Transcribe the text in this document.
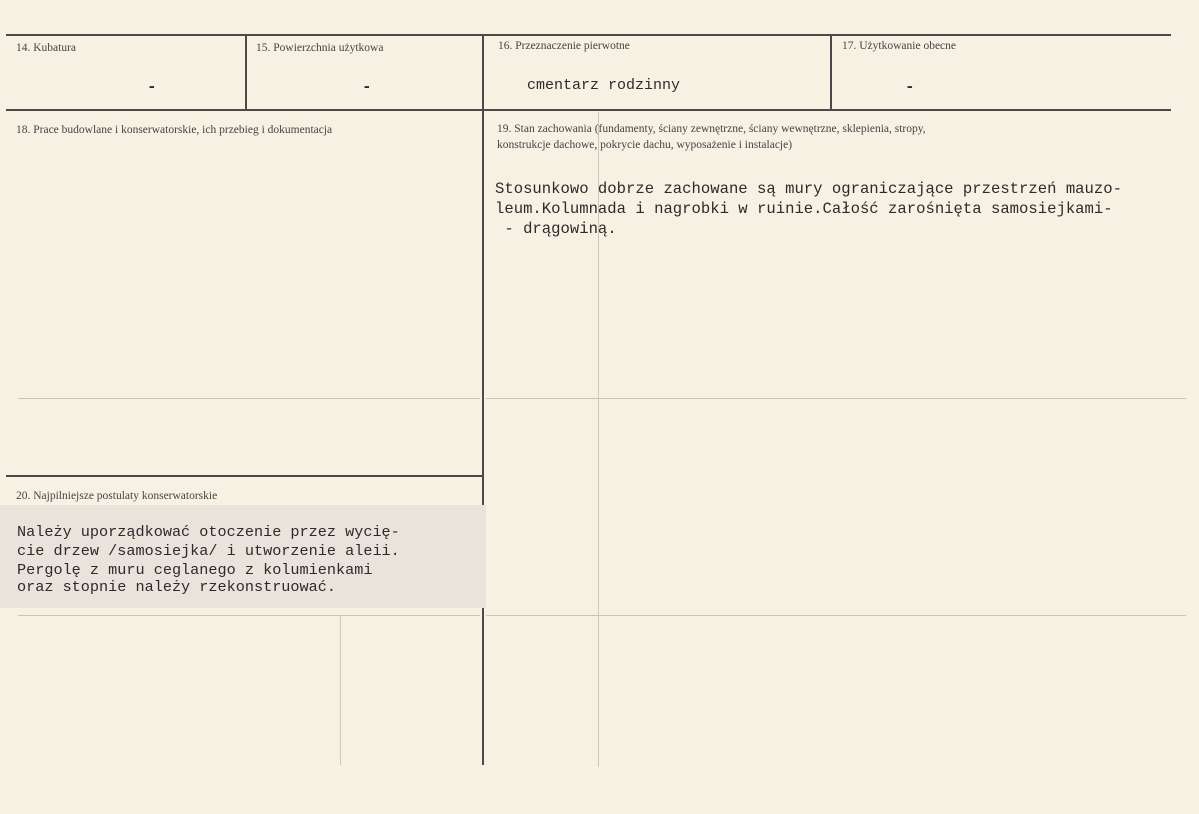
14. Kubatura
-
15. Powierzchnia użytkowa
-
16. Przeznaczenie pierwotne
cmentarz rodzinny
17. Użytkowanie obecne
-
18. Prace budowlane i konserwatorskie, ich przebieg i dokumentacja	19. Stan zachowania (fundamenty, ściany zewnętrzne, ściany wewnętrzne, sklepienia, stropy,
konstrukcje dachowe, pokrycie dachu, wyposażenie i instalacje)
Stosunkowo dobrze zachowane są mury ograniczające przestrzeń mauzo-
leum.Kolumnada i nagrobki w ruinie.Całość zarośnięta samosiejkami-
- drągowiną.
20. Najpilniejsze postulaty konserwatorskie
Należy uporządkować otoczenie przez wycię-
cie drzew /samosiejka/ i utworzenie aleii.
Pergolę z muru ceglanego z kolumienkami
oraz stopnie należy rzekonstruować.
